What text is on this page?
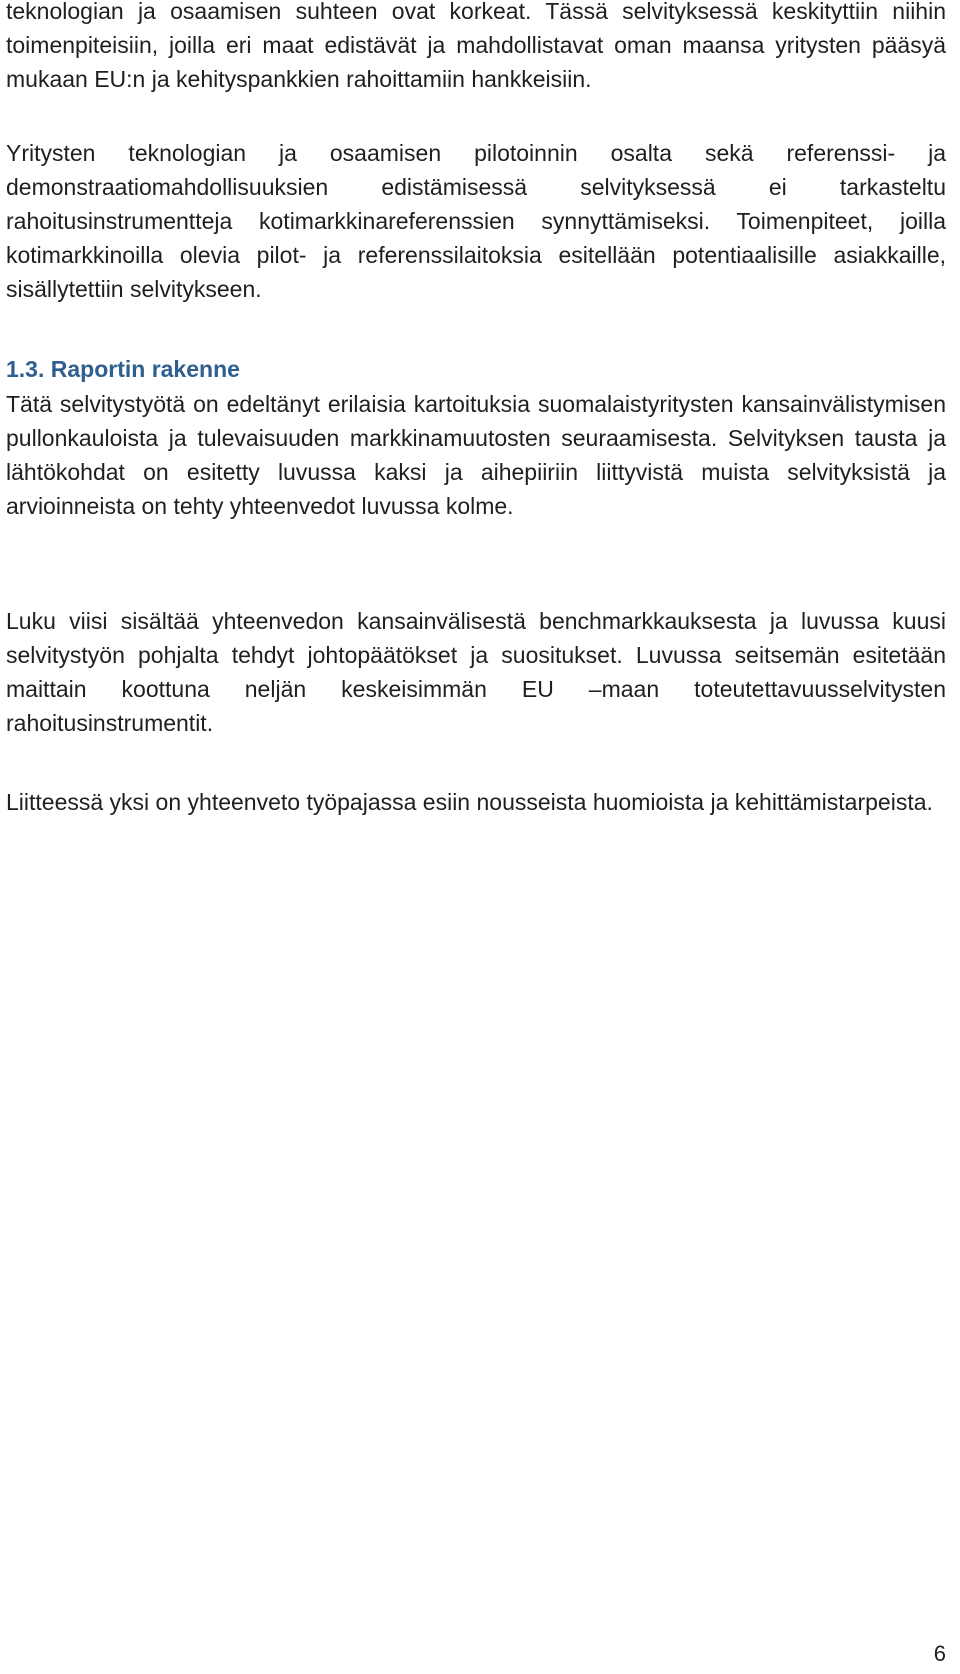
teknologian ja osaamisen suhteen ovat korkeat. Tässä selvityksessä keskityttiin niihin toimenpiteisiin, joilla eri maat edistävät ja mahdollistavat oman maansa yritysten pääsyä mukaan EU:n ja kehityspankkien rahoittamiin hankkeisiin.

Yritysten teknologian ja osaamisen pilotoinnin osalta sekä referenssi- ja demonstraatiomahdollisuuksien edistämisessä selvityksessä ei tarkasteltu rahoitusinstrumentteja kotimarkkinareferenssien synnyttämiseksi. Toimenpiteet, joilla kotimarkkinoilla olevia pilot- ja referenssilaitoksia esitellään potentiaalisille asiakkaille, sisällytettiin selvitykseen.

1.3. Raportin rakenne

Tätä selvitystyötä on edeltänyt erilaisia kartoituksia suomalaistyritysten kansainvälistymisen pullonkauloista ja tulevaisuuden markkinamuutosten seuraamisesta. Selvityksen tausta ja lähtökohdat on esitetty luvussa kaksi ja aihepiiriin liittyvistä muista selvityksistä ja arvioinneista on tehty yhteenvedot luvussa kolme.

Luku viisi sisältää yhteenvedon kansainvälisestä benchmarkkauksesta ja luvussa kuusi selvitystyön pohjalta tehdyt johtopäätökset ja suositukset. Luvussa seitsemän esitetään maittain koottuna neljän keskeisimmän EU –maan toteutettavuusselvitysten rahoitusinstrumentit.

Liitteessä yksi on yhteenveto työpajassa esiin nousseista huomioista ja kehittämistarpeista.

6
